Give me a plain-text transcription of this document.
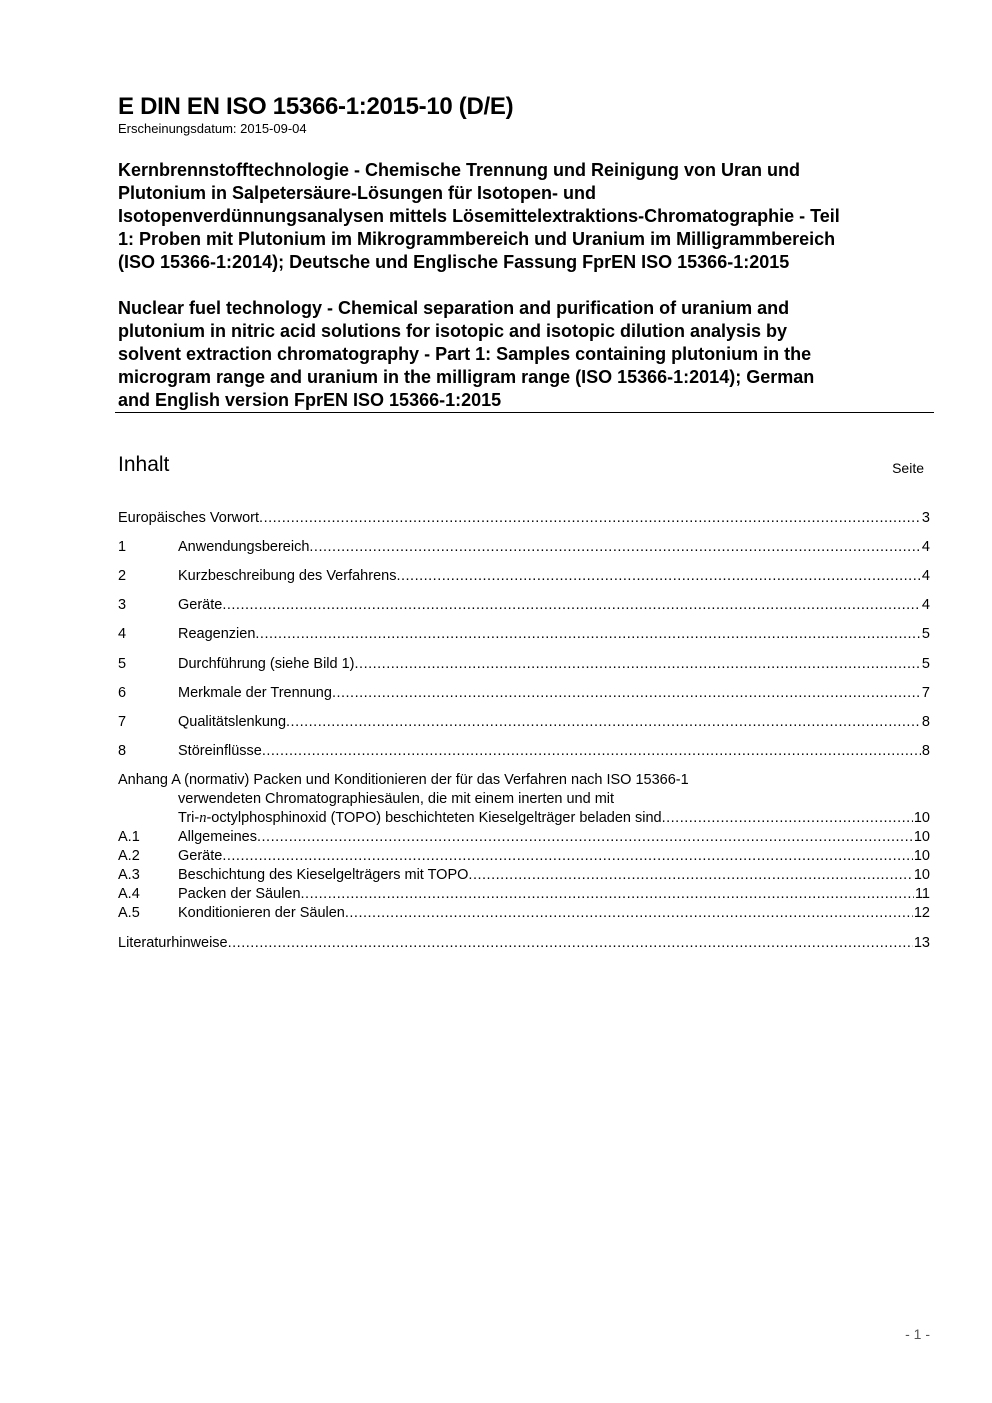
E DIN EN ISO 15366-1:2015-10 (D/E)
Erscheinungsdatum: 2015-09-04
Kernbrennstofftechnologie - Chemische Trennung und Reinigung von Uran und
Plutonium in Salpetersäure-Lösungen für Isotopen- und
Isotopenverdünnungsanalysen mittels Lösemittelextraktions-Chromatographie - Teil
1: Proben mit Plutonium im Mikrogrammbereich und Uranium im Milligrammbereich
(ISO 15366-1:2014); Deutsche und Englische Fassung FprEN ISO 15366-1:2015
Nuclear fuel technology - Chemical separation and purification of uranium and
plutonium in nitric acid solutions for isotopic and isotopic dilution analysis by
solvent extraction chromatography - Part 1: Samples containing plutonium in the
microgram range and uranium in the milligram range (ISO 15366-1:2014); German
and English version FprEN ISO 15366-1:2015
Inhalt	Seite
Europäisches Vorwort .....	3
1	Anwendungsbereich .....	4
2	Kurzbeschreibung des Verfahrens .....	4
3	Geräte .....	4
4	Reagenzien .....	5
5	Durchführung (siehe Bild 1) .....	5
6	Merkmale der Trennung .....	7
7	Qualitätslenkung .....	8
8	Störeinflüsse .....	8
Anhang A (normativ) Packen und Konditionieren der für das Verfahren nach ISO 15366-1
verwendeten Chromatographiesäulen, die mit einem inerten und mit
Tri-n-octylphosphinoxid (TOPO) beschichteten Kieselgelträger beladen sind .....	10
A.1	Allgemeines .....	10
A.2	Geräte .....	10
A.3	Beschichtung des Kieselgelträgers mit TOPO .....	10
A.4	Packen der Säulen .....	11
A.5	Konditionieren der Säulen .....	12
Literaturhinweise .....	13
- 1 -
